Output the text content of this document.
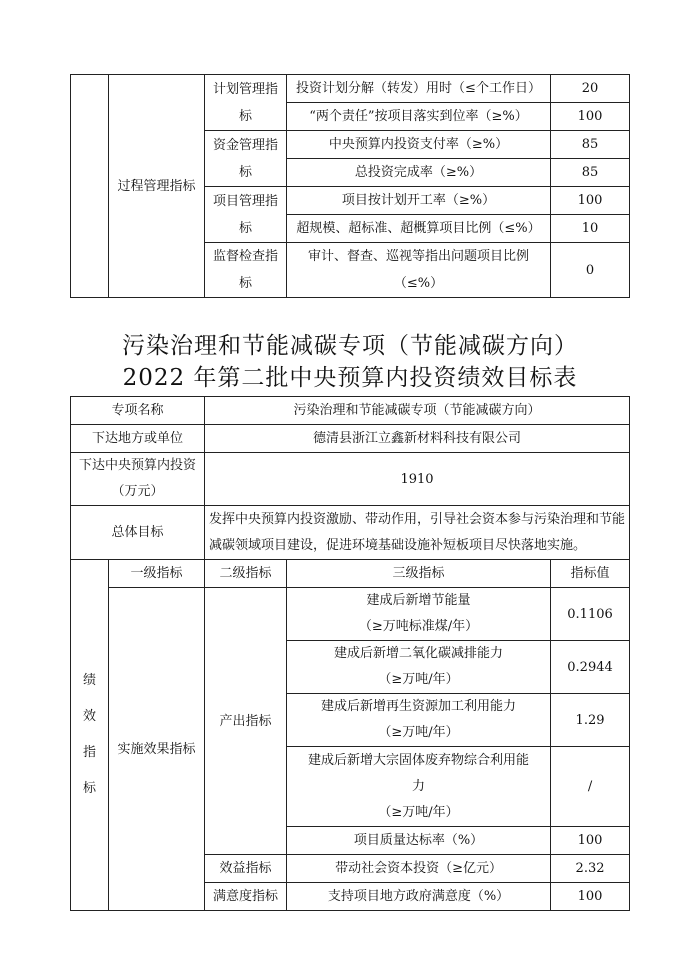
	过程管理指标	计划管理指标	投资计划分解（转发）用时（≤个工作日）	20
			“两个责任”按项目落实到位率（≥%）	100
		资金管理指标	中央预算内投资支付率（≥%）	85
			总投资完成率（≥%）	85
		项目管理指标	项目按计划开工率（≥%）	100
			超规模、超标准、超概算项目比例（≤%）	10
		监督检查指标	审计、督查、巡视等指出问题项目比例（≤%）	0

污染治理和节能减碳专项（节能减碳方向）
2022 年第二批中央预算内投资绩效目标表
专项名称		污染治理和节能减碳专项（节能减碳方向）		
下达地方或单位		德清县浙江立鑫新材料科技有限公司		

下达中央预算内投资
（万元）		1910		
总体目标		发挥中央预算内投资激励、带动作用，引导社会资本参与污染治理和节能减碳领域项目建设，促进环境基础设施补短板项目尽快落地实施。		

绩
效
指
标	一级指标	二级指标	三级指标	指标值
	实施效果指标	产出指标	建成后新增节能量
（≥万吨标准煤/年）	0.1106

			建成后新增二氧化碳减排能力
（≥万吨/年）	0.2944

			建成后新增再生资源加工利用能力
（≥万吨/年）	1.29

			建成后新增大宗固体废弃物综合利用能
力
（≥万吨/年）	/
			项目质量达标率（%）	100

		效益指标	带动社会资本投资（≥亿元）	2.32
		满意度指标	支持项目地方政府满意度（%）	100
